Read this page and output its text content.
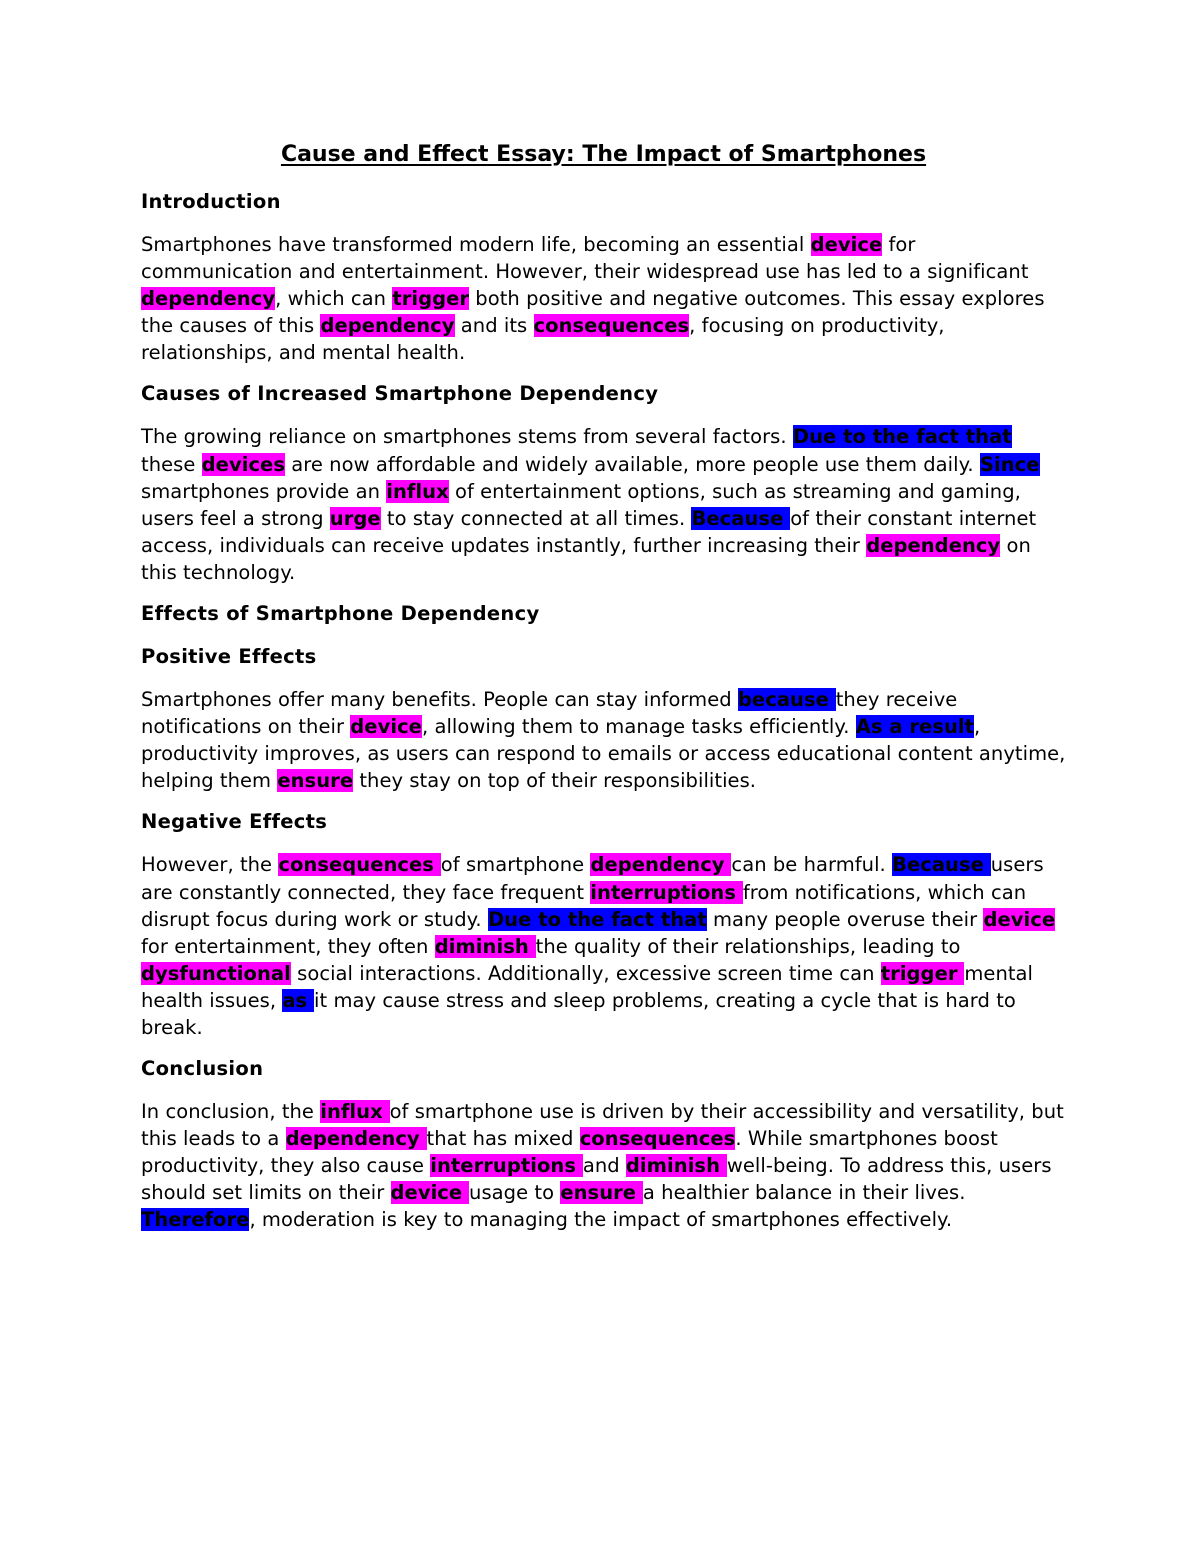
Cause and Effect Essay: The Impact of Smartphones
Introduction
Smartphones have transformed modern life, becoming an essential device for communication and entertainment. However, their widespread use has led to a significant dependency, which can trigger both positive and negative outcomes. This essay explores the causes of this dependency and its consequences, focusing on productivity, relationships, and mental health.
Causes of Increased Smartphone Dependency
The growing reliance on smartphones stems from several factors. Due to the fact that these devices are now affordable and widely available, more people use them daily. Since smartphones provide an influx of entertainment options, such as streaming and gaming, users feel a strong urge to stay connected at all times. Because of their constant internet access, individuals can receive updates instantly, further increasing their dependency on this technology.
Effects of Smartphone Dependency
Positive Effects
Smartphones offer many benefits. People can stay informed because they receive notifications on their device, allowing them to manage tasks efficiently. As a result, productivity improves, as users can respond to emails or access educational content anytime, helping them ensure they stay on top of their responsibilities.
Negative Effects
However, the consequences of smartphone dependency can be harmful. Because users are constantly connected, they face frequent interruptions from notifications, which can disrupt focus during work or study. Due to the fact that many people overuse their device for entertainment, they often diminish the quality of their relationships, leading to dysfunctional social interactions. Additionally, excessive screen time can trigger mental health issues, as it may cause stress and sleep problems, creating a cycle that is hard to break.
Conclusion
In conclusion, the influx of smartphone use is driven by their accessibility and versatility, but this leads to a dependency that has mixed consequences. While smartphones boost productivity, they also cause interruptions and diminish well-being. To address this, users should set limits on their device usage to ensure a healthier balance in their lives. Therefore, moderation is key to managing the impact of smartphones effectively.
